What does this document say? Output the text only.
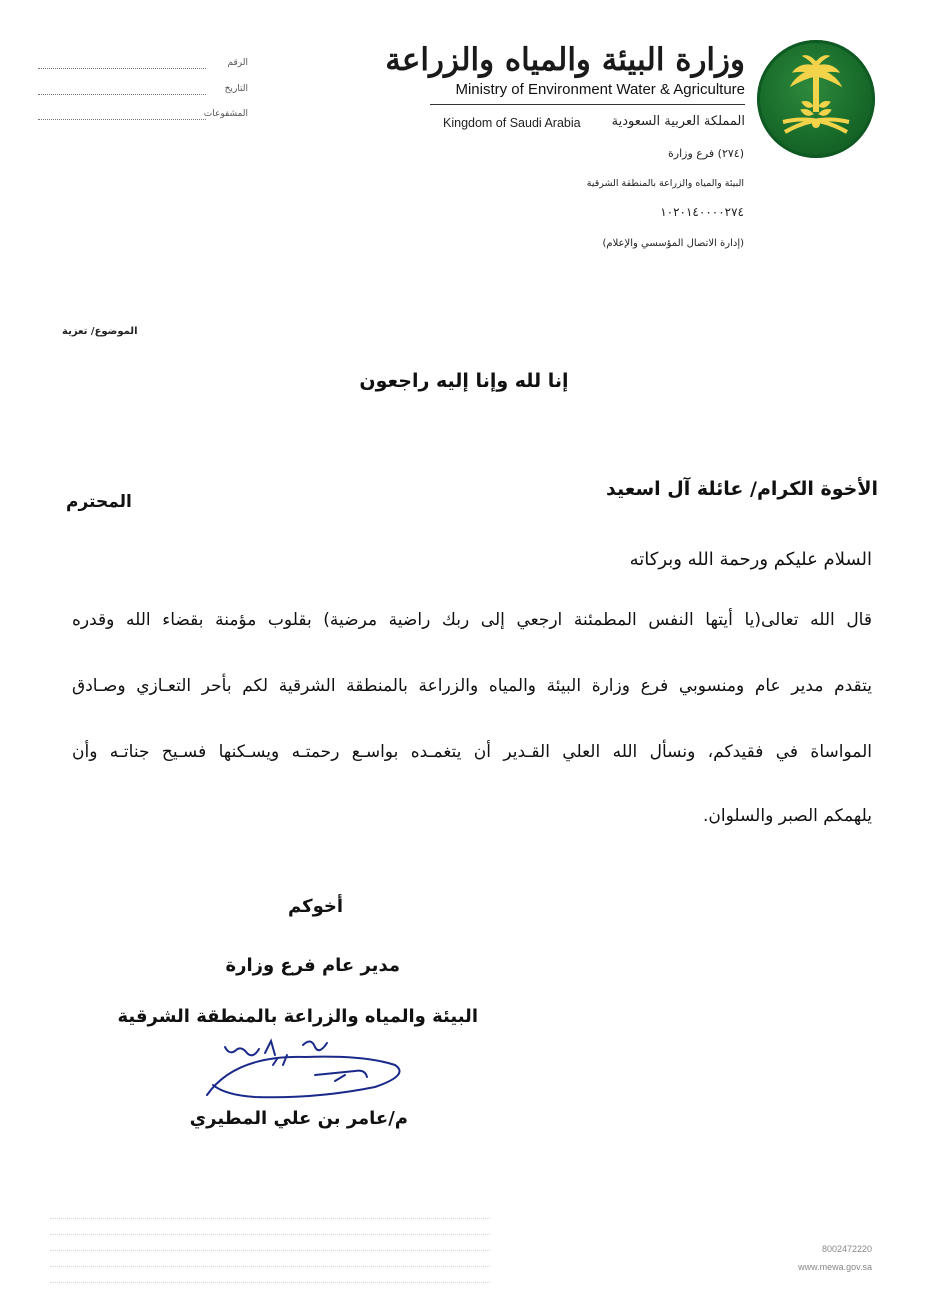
وزارة البيئة والمياه والزراعة
Ministry of Environment Water & Agriculture
المملكة العربية السعودية
Kingdom of Saudi Arabia
(٢٧٤) فرع وزارة
البيئة والمياه والزراعة بالمنطقة الشرقية
١٠٢٠١٤٠٠٠٠٢٧٤
(إدارة الاتصال المؤسسي والإعلام)
الرقم
التاريخ
المشفوعات
الموضوع/ تعزية
إنا لله وإنا إليه راجعون
الأخوة الكرام/ عائلة آل اسعيد
المحترم
السلام عليكم ورحمة الله وبركاته
قال الله تعالى(يا أيتها النفس المطمئنة ارجعي إلى ربك راضية مرضية) بقلوب مؤمنة بقضاء الله وقدره
يتقدم مدير عام ومنسوبي فرع وزارة البيئة والمياه والزراعة بالمنطقة الشرقية لكم بأحر التعـازي وصـادق
المواساة في فقيدكم، ونسأل الله العلي القـدير أن يتغمـده بواسـع رحمتـه ويسـكنها فسـيح جناتـه وأن
يلهمكم الصبر والسلوان.
أخوكم
مدير عام فرع وزارة
البيئة والمياه والزراعة بالمنطقة الشرقية
م/عامر بن علي المطيري
8002472220
www.mewa.gov.sa
